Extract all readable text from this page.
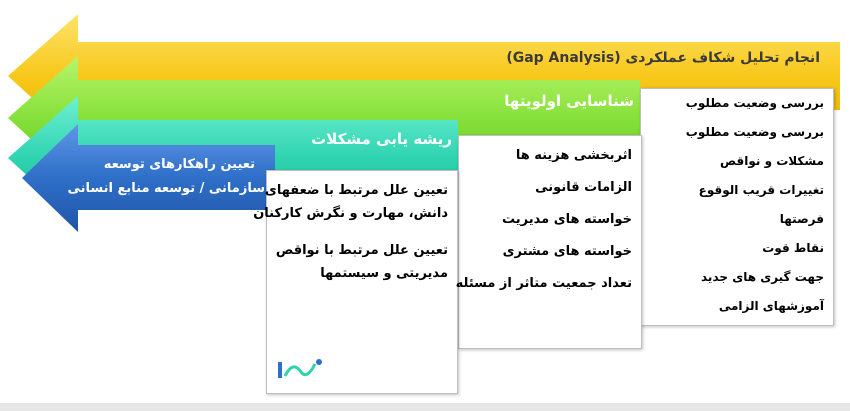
انجام تحلیل شکاف عملکردی (Gap Analysis)
شناسایی اولویتها
ریشه یابی مشکلات
تعیین راهکارهای توسعه
سازمانی / توسعه منابع انسانی
بررسی وضعیت مطلوب
بررسی وضعیت مطلوب
مشکلات و نواقص
تغییرات قریب الوقوع
فرصتها
نقاط قوت
جهت گیری های جدید
آموزشهای الزامی
اثربخشی هزینه ها
الزامات قانونی
خواسته های مدیریت
خواسته های مشتری
تعداد جمعیت متاثر از مسئله
تعیین علل مرتبط با ضعفهای
دانش، مهارت و نگرش کارکنان
تعیین علل مرتبط با نواقص
مدیریتی و سیستمها
